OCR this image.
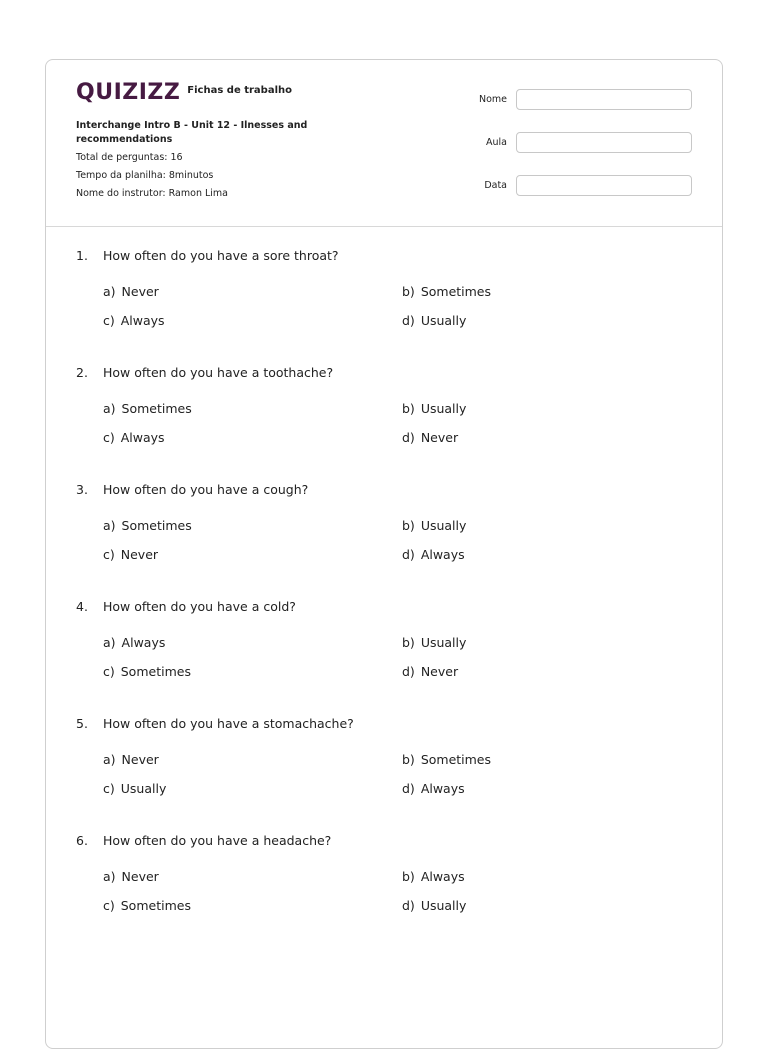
QUIZIZZ Fichas de trabalho
Interchange Intro B - Unit 12 - Ilnesses and recommendations
Total de perguntas: 16
Tempo da planilha: 8minutos
Nome do instrutor: Ramon Lima
Nome
Aula
Data
1.	How often do you have a sore throat?
a) Never	b) Sometimes
c) Always	d) Usually
2.	How often do you have a toothache?
a) Sometimes	b) Usually
c) Always	d) Never
3.	How often do you have a cough?
a) Sometimes	b) Usually
c) Never	d) Always
4.	How often do you have a cold?
a) Always	b) Usually
c) Sometimes	d) Never
5.	How often do you have a stomachache?
a) Never	b) Sometimes
c) Usually	d) Always
6.	How often do you have a headache?
a) Never	b) Always
c) Sometimes	d) Usually
